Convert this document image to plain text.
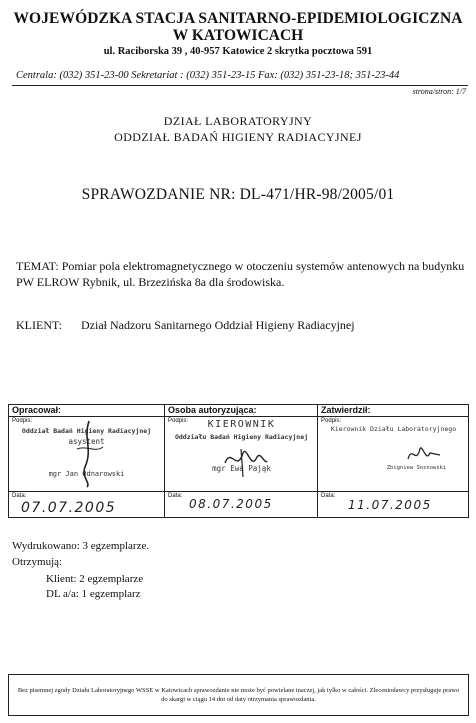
WOJEWÓDZKA STACJA SANITARNO-EPIDEMIOLOGICZNA
W KATOWICACH
ul. Raciborska 39 , 40-957 Katowice 2 skrytka pocztowa 591
Centrala: (032) 351-23-00 Sekretariat : (032) 351-23-15 Fax: (032) 351-23-18; 351-23-44
strona/stron: 1/7
DZIAŁ LABORATORYJNY
ODDZIAŁ BADAŃ HIGIENY RADIACYJNEJ
SPRAWOZDANIE NR: DL-471/HR-98/2005/01
TEMAT: Pomiar pola elektromagnetycznego w otoczeniu systemów antenowych na budynku PW ELROW Rybnik, ul. Brzezińska 8a dla środowiska.
KLIENT: Dział Nadzoru Sanitarnego Oddział Higieny Radiacyjnej
Opracował:
Podpis:
Oddział Badań Higieny Radiacyjnej
asystent
mgr Jan Odnarowski
Data:
07.07.2005
Osoba autoryzująca:
Podpis:	KIEROWNIK
Oddziału Badań Higieny Radiacyjnej
mgr Ewa Pająk
Data:
08.07.2005
Zatwierdził:
Podpis:
Kierownik Działu Laboratoryjnego
Zbigniew Sosnowski
Data:
11.07.2005
Wydrukowano: 3 egzemplarze.
Otrzymują:
Klient: 2 egzemplarze
DL a/a: 1 egzemplarz
Bez pisemnej zgody Działu Laboratoryjnego WSSE w Katowicach sprawozdanie nie może być powielane inaczej, jak tylko w całości. Zleceniodawcy przysługuje prawo do skargi w ciągu 14 dni od daty otrzymania sprawozdania.
